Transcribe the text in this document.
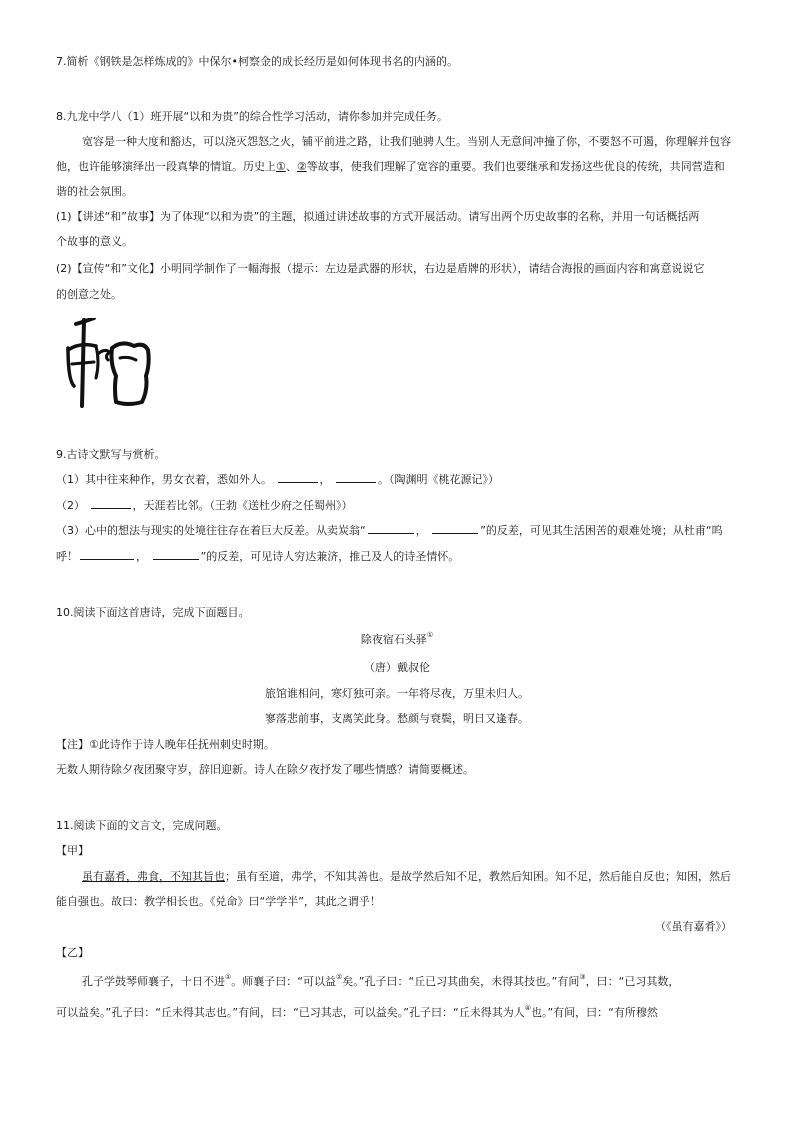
7.简析《钢铁是怎样炼成的》中保尔•柯察金的成长经历是如何体现书名的内涵的。
8.九龙中学八（1）班开展“以和为贵”的综合性学习活动，请你参加并完成任务。
宽容是一种大度和豁达，可以浇灭怨怒之火，铺平前进之路，让我们驰骋人生。当别人无意间冲撞了你，不要怒不可遏，你理解并包容
他，也许能够演绎出一段真挚的情谊。历史上①、②等故事，使我们理解了宽容的重要。我们也要继承和发扬这些优良的传统，共同营造和
谐的社会氛围。
(1)【讲述“和”故事】为了体现“以和为贵”的主题，拟通过讲述故事的方式开展活动。请写出两个历史故事的名称，并用一句话概括两
个故事的意义。
(2)【宣传“和”文化】小明同学制作了一幅海报（提示：左边是武器的形状，右边是盾牌的形状），请结合海报的画面内容和寓意说说它
的创意之处。
9.古诗文默写与赏析。
（1）其中往来种作，男女衣着，悉如外人。	，	。（陶渊明《桃花源记》）
（2）	，天涯若比邻。（王勃《送杜少府之任蜀州》）
（3）心中的想法与现实的处境往往存在着巨大反差。从卖炭翁“	，	”的反差，可见其生活困苦的艰难处境；从杜甫“呜
呼！	，	”的反差，可见诗人穷达兼济，推己及人的诗圣情怀。
10.阅读下面这首唐诗，完成下面题目。
除夜宿石头驿①
（唐）戴叔伦
旅馆谁相问，寒灯独可亲。一年将尽夜，万里未归人。
寥落悲前事，支离笑此身。愁颜与衰鬓，明日又逢春。
【注】①此诗作于诗人晚年任抚州刺史时期。
无数人期待除夕夜团聚守岁，辞旧迎新。诗人在除夕夜抒发了哪些情感？请简要概述。
11.阅读下面的文言文，完成问题。
【甲】
虽有嘉肴，弗食，不知其旨也；虽有至道，弗学，不知其善也。是故学然后知不足，教然后知困。知不足，然后能自反也；知困，然后
能自强也。故曰：教学相长也。《兑命》曰“学学半”，其此之谓乎！
（《虽有嘉肴》）
【乙】
孔子学鼓琴师襄子，十日不进①。师襄子曰：“可以益②矣。”孔子曰：“丘已习其曲矣，未得其技也。”有间③，曰：“已习其数，
可以益矣。”孔子曰：“丘未得其志也。”有间，曰：“已习其志，可以益矣。”孔子曰：“丘未得其为人④也。”有间，曰：“有所穆然
